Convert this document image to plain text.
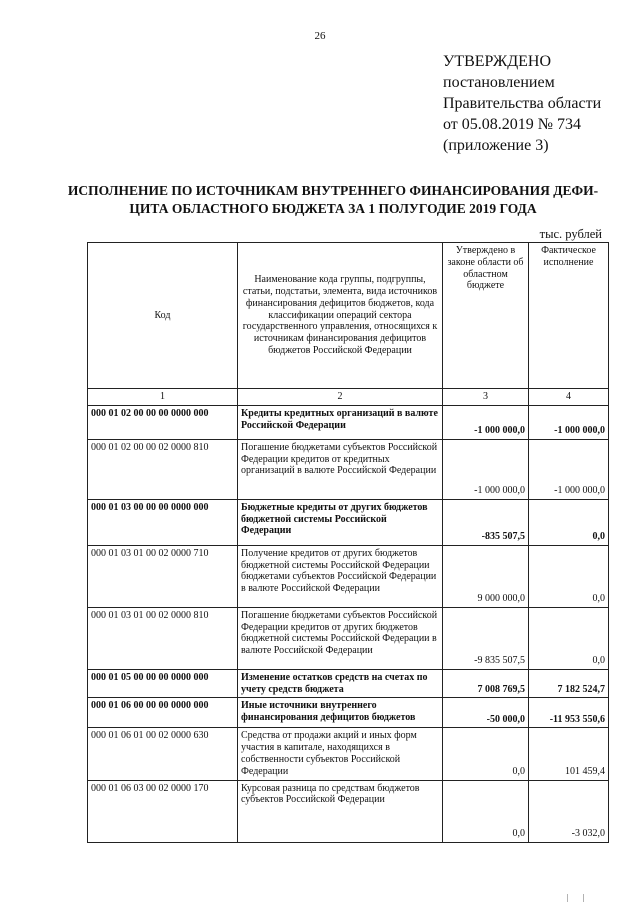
26
УТВЕРЖДЕНО
постановлением
Правительства области
от 05.08.2019 № 734
(приложение 3)
ИСПОЛНЕНИЕ ПО ИСТОЧНИКАМ ВНУТРЕННЕГО ФИНАНСИРОВАНИЯ ДЕФИ-
ЦИТА ОБЛАСТНОГО БЮДЖЕТА ЗА 1 ПОЛУГОДИЕ 2019 ГОДА
тыс. рублей
Код	Наименование кода группы, подгруппы, статьи, подстатьи, элемента, вида источников финансирования дефицитов бюджетов, кода классификации операций сектора государственного управления, относящихся к источникам финансирования дефицитов бюджетов Российской Федерации	Утверждено в законе области об областном бюджете	Фактическое исполнение
1	2	3	4
000 01 02 00 00 00 0000 000	Кредиты кредитных организаций в валюте Российской Федерации	-1 000 000,0	-1 000 000,0
000 01 02 00 00 02 0000 810	Погашение бюджетами субъектов Российской Федерации кредитов от кредитных организаций в валюте Российской Федерации	-1 000 000,0	-1 000 000,0
000 01 03 00 00 00 0000 000	Бюджетные кредиты от других бюджетов бюджетной системы Российской Федерации	-835 507,5	0,0
000 01 03 01 00 02 0000 710	Получение кредитов от других бюджетов бюджетной системы Российской Федерации бюджетами субъектов Российской Федерации в валюте Российской Федерации	9 000 000,0	0,0
000 01 03 01 00 02 0000 810	Погашение бюджетами субъектов Российской Федерации кредитов от других бюджетов бюджетной системы Российской Федерации в валюте Российской Федерации	-9 835 507,5	0,0
000 01 05 00 00 00 0000 000	Изменение остатков средств на счетах по учету средств бюджета	7 008 769,5	7 182 524,7
000 01 06 00 00 00 0000 000	Иные источники внутреннего финансирования дефицитов бюджетов	-50 000,0	-11 953 550,6
000 01 06 01 00 02 0000 630	Средства от продажи акций и иных форм участия в капитале, находящихся в собственности субъектов Российской Федерации	0,0	101 459,4
000 01 06 03 00 02 0000 170	Курсовая разница по средствам бюджетов субъектов Российской Федерации	0,0	-3 032,0
| |
